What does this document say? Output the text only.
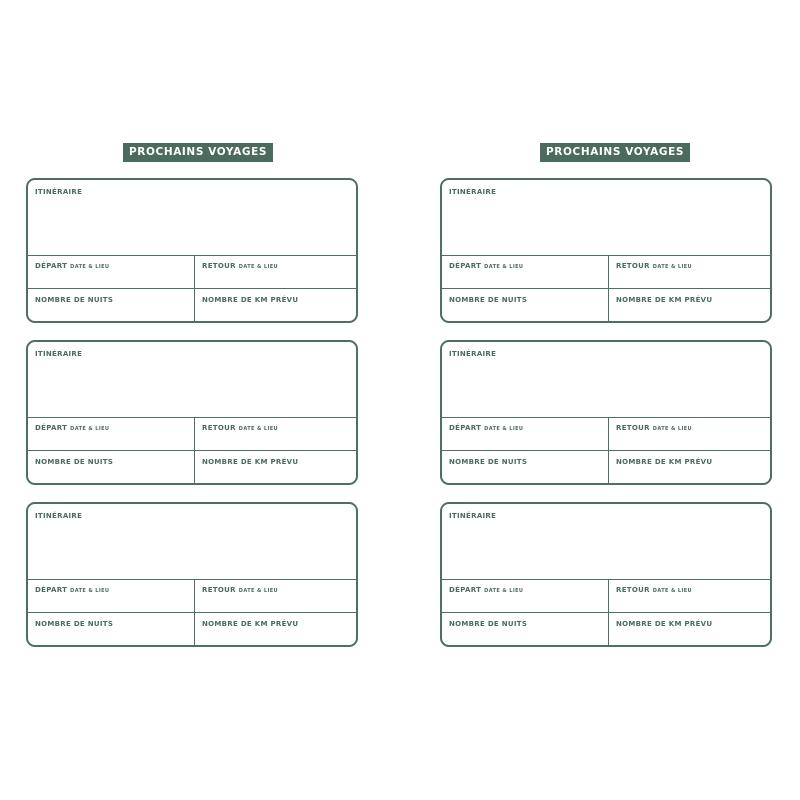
PROCHAINS VOYAGES
ITINÉRAIRE
DÉPART DATE & LIEU	RETOUR DATE & LIEU
NOMBRE DE NUITS	NOMBRE DE KM PRÉVU
ITINÉRAIRE
DÉPART DATE & LIEU	RETOUR DATE & LIEU
NOMBRE DE NUITS	NOMBRE DE KM PRÉVU
ITINÉRAIRE
DÉPART DATE & LIEU	RETOUR DATE & LIEU
NOMBRE DE NUITS	NOMBRE DE KM PRÉVU
PROCHAINS VOYAGES
ITINÉRAIRE
DÉPART DATE & LIEU	RETOUR DATE & LIEU
NOMBRE DE NUITS	NOMBRE DE KM PRÉVU
ITINÉRAIRE
DÉPART DATE & LIEU	RETOUR DATE & LIEU
NOMBRE DE NUITS	NOMBRE DE KM PRÉVU
ITINÉRAIRE
DÉPART DATE & LIEU	RETOUR DATE & LIEU
NOMBRE DE NUITS	NOMBRE DE KM PRÉVU
